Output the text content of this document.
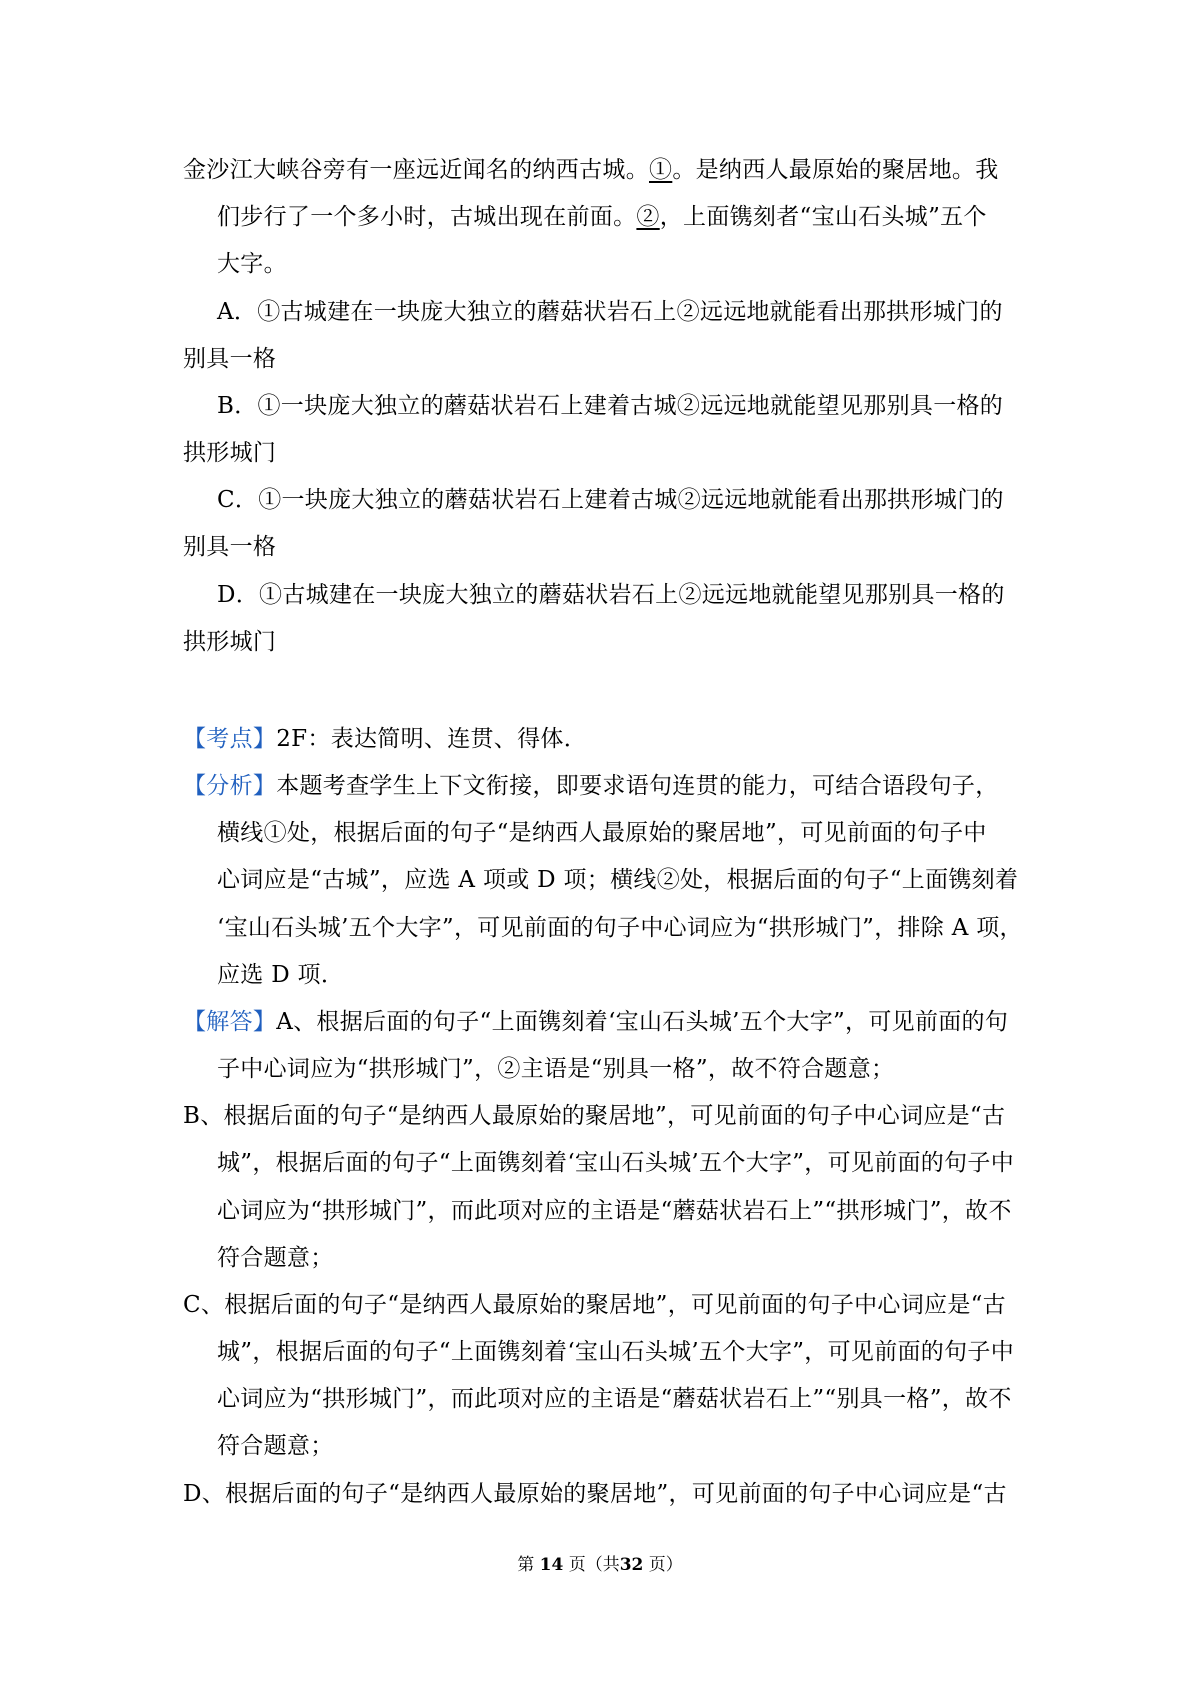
金沙江大峡谷旁有一座远近闻名的纳西古城。①。是纳西人最原始的聚居地。我
们步行了一个多小时，古城出现在前面。②，上面镌刻者“宝山石头城”五个
大字。
A．①古城建在一块庞大独立的蘑菇状岩石上②远远地就能看出那拱形城门的
别具一格
B．①一块庞大独立的蘑菇状岩石上建着古城②远远地就能望见那别具一格的
拱形城门
C．①一块庞大独立的蘑菇状岩石上建着古城②远远地就能看出那拱形城门的
别具一格
D．①古城建在一块庞大独立的蘑菇状岩石上②远远地就能望见那别具一格的
拱形城门
【考点】2F：表达简明、连贯、得体．
【分析】本题考查学生上下文衔接，即要求语句连贯的能力，可结合语段句子，
横线①处，根据后面的句子“是纳西人最原始的聚居地”，可见前面的句子中
心词应是“古城”，应选 A 项或 D 项；横线②处，根据后面的句子“上面镌刻着
‘宝山石头城’五个大字”，可见前面的句子中心词应为“拱形城门”，排除 A 项，
应选 D 项．
【解答】A、根据后面的句子“上面镌刻着‘宝山石头城’五个大字”，可见前面的句
子中心词应为“拱形城门”，②主语是“别具一格”，故不符合题意；
B、根据后面的句子“是纳西人最原始的聚居地”，可见前面的句子中心词应是“古
城”，根据后面的句子“上面镌刻着‘宝山石头城’五个大字”，可见前面的句子中
心词应为“拱形城门”，而此项对应的主语是“蘑菇状岩石上”“拱形城门”，故不
符合题意；
C、根据后面的句子“是纳西人最原始的聚居地”，可见前面的句子中心词应是“古
城”，根据后面的句子“上面镌刻着‘宝山石头城’五个大字”，可见前面的句子中
心词应为“拱形城门”，而此项对应的主语是“蘑菇状岩石上”“别具一格”，故不
符合题意；
D、根据后面的句子“是纳西人最原始的聚居地”，可见前面的句子中心词应是“古
第 14 页（共32 页）
